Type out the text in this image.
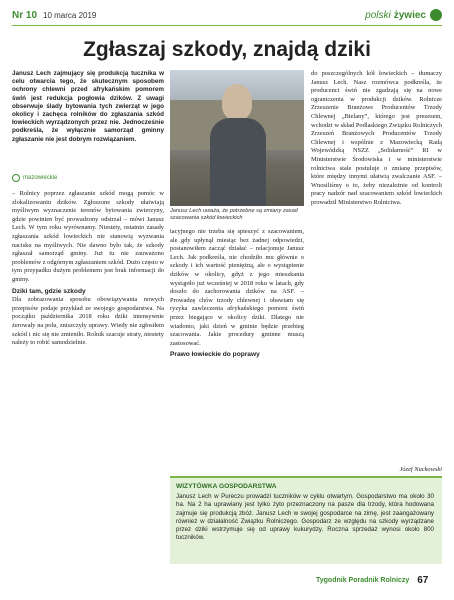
Nr 10 10 marca 2019	polski żywiec
Zgłaszaj szkody, znajdą dziki
Janusz Lech zajmujący się produkcją tucznika w celu otwarcia tego, że skutecznym sposobem ochrony chlewni przed afrykańskim pomorem świń jest redukcja pogłowia dzików. Z uwagi obserwuje ślady bytowania tych zwierząt w jego okolicy i zachęca rolników do zgłaszania szkód łowieckich wyrządzonych przez nie. Jednocześnie podkreśla, że wyłącznie samorząd gminny zgłaszanie nie jest dobrym rozwiązaniem.
mazowieckie
Janusz Lech uważa, że potrzebne są zmiany zasad szacowania szkód łowieckich

– Rolnicy poprzez zgłaszanie szkód mogą pomóc w zlokalizowaniu dzików. Zgłoszone szkody ułatwiają myśliwym wyznaczenie terenów bytowania zwierzyny, gdzie powinien być prowadzony odstrzał – mówi Janusz Lech. W tym roku wyrównamy. Niestety, ostatnio zasady zgłaszania szkód łowieckich nie stanowią wyzwania nacisku na myśliwych. Nie dawno było tak, że szkody zgłaszał samorząd gminy. Już tu nie zauważono problemów z odgórnym zgłaszaniem szkód. Dużo często w tym przypadku dużym problemem jest brak informacji do gminy.

Dziki tam, gdzie szkody

Dla zobrazowania sposobu obowiązywania nowych przepisów podaje przykład ze swojego gospodarstwa. Na początku października 2018 roku dziki intensywnie żerowały na polu, zniszczyły uprawy. Wtedy nie zgłosiłem szkód i nic się nie zmieniło. Rolnik szacuje straty, niestety należy to robić samodzielnie.

tacyjnego nie trzeba się spieszyć z szacowaniem, ale gdy upłynął miesiąc bez żadnej odpowiedzi, postanowiłem zacząć działać – relacjonuje Janusz Lech. Jak podkreśla, nie chodziło mu głównie o szkody i ich wartość pieniężną, ale o wystąpienie dzików w okolicy, gdyż z jego mieszkania wystąpiło już wcześniej w 2018 roku w latach, gdy doszło do zachorowania dzików na ASF. – Prowadzę chów trzody chlewnej i obawiam się ryzyka zawleczenia afrykańskiego pomoru świń przez biegające w okolicy dziki. Dlatego nie wiadomo, jaki dzień w gminie będzie przebieg szacowania. Jakie procedury gminne muszą zastosować.

Prawo łowieckie do poprawy

do poszczególnych kół łowieckich – tłumaczy Janusz Lech. Nasz rozmówca podkreśla, że producenci świń nie zgadzają się na nowe ograniczenia w produkcji dzików. Rolnicze Zrzeszenie Branżowe Producentów Trzody Chlewnej „Bielany”, którego jest prezesem, wchodzi w skład Podlaskiego Związku Rolniczych Zrzeszeń Branżowych Producentów Trzody Chlewnej i wspólnie z Mazowiecką Radą Wojewódzką NSZZ „Solidarność” RI w Ministerstwie Środowiska i w ministerstwie rolnictwa stale postuluje o zmianę przepisów, które między innymi ułatwią zwalczanie ASF. – Wnosiliśmy o to, żeby niezależnie od kontroli pracy nadzór nad szacowaniem szkód łowieckich prowadził Ministerstwo Rolnictwa.

Józef Nuckowski
WIZYTÓWKA GOSPODARSTWA
Janusz Lech w Pureczu prowadzi tuczników w cyklu otwartym. Gospodarstwo ma około 30 ha. Na 2 ha uprawiany jest tylko żyto przeznaczony na pasze dla trzody, która hodowana zajmuje się produkcją zbóż. Janusz Lech w swojej gospodarce na zimę, jest zaangażowany również w działalność Związku Rolniczego. Gospodarz ze względu na szkody wyrządzane przez dziki wstrzymuje się od uprawy kukurydzy. Roczna sprzedaż wynosi około 800 tuczników.
Tygodnik Poradnik Rolniczy 67
